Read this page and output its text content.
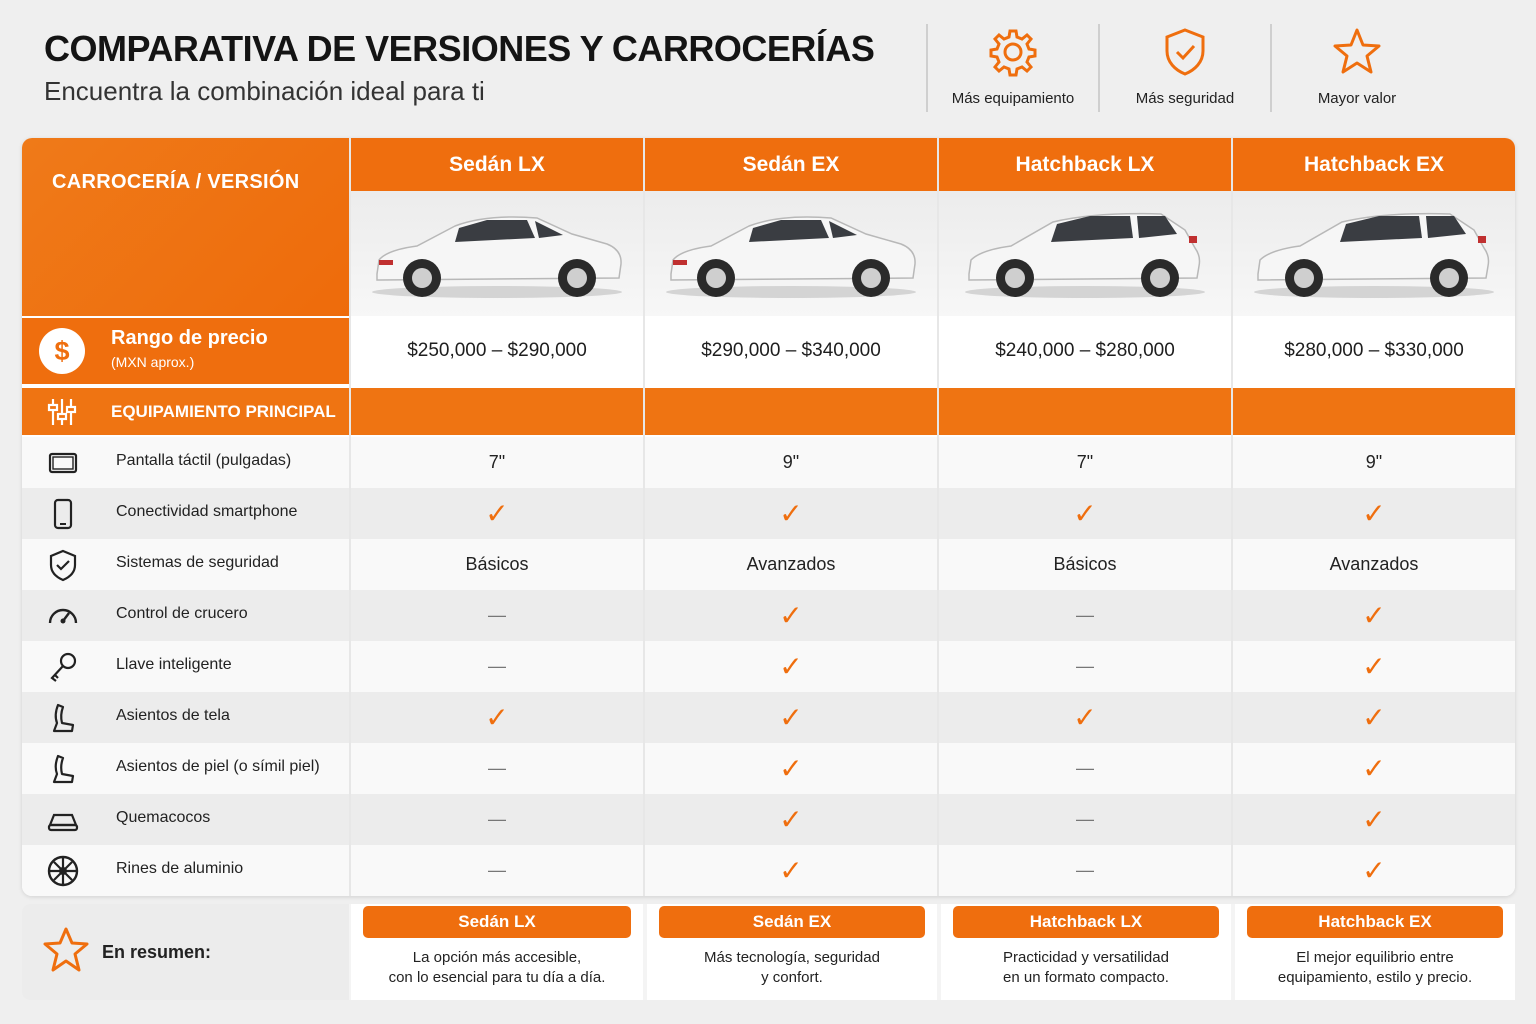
COMPARATIVA DE VERSIONES Y CARROCERÍAS
Encuentra la combinación ideal para ti	Más equipamiento	Más seguridad	Mayor valor
CARROCERÍA / VERSIÓN
Sedán LX	Sedán EX	Hatchback LX	Hatchback EX
$	Rango de precio
(MXN aprox.)
$250,000 – $290,000	$290,000 – $340,000	$240,000 – $280,000	$280,000 – $330,000
EQUIPAMIENTO PRINCIPAL
Pantalla táctil (pulgadas)	7"	9"	7"	9"
Conectividad smartphone	✓	✓	✓	✓
Sistemas de seguridad	Básicos	Avanzados	Básicos	Avanzados
Control de crucero	—	✓	—	✓
Llave inteligente	—	✓	—	✓
Asientos de tela	✓	✓	✓	✓
Asientos de piel (o símil piel)	—	✓	—	✓
Quemacocos	—	✓	—	✓
Rines de aluminio	—	✓	—	✓
En resumen:
Sedán LX
La opción más accesible,
con lo esencial para tu día a día.
Sedán EX
Más tecnología, seguridad
y confort.
Hatchback LX
Practicidad y versatilidad
en un formato compacto.
Hatchback EX
El mejor equilibrio entre
equipamiento, estilo y precio.
